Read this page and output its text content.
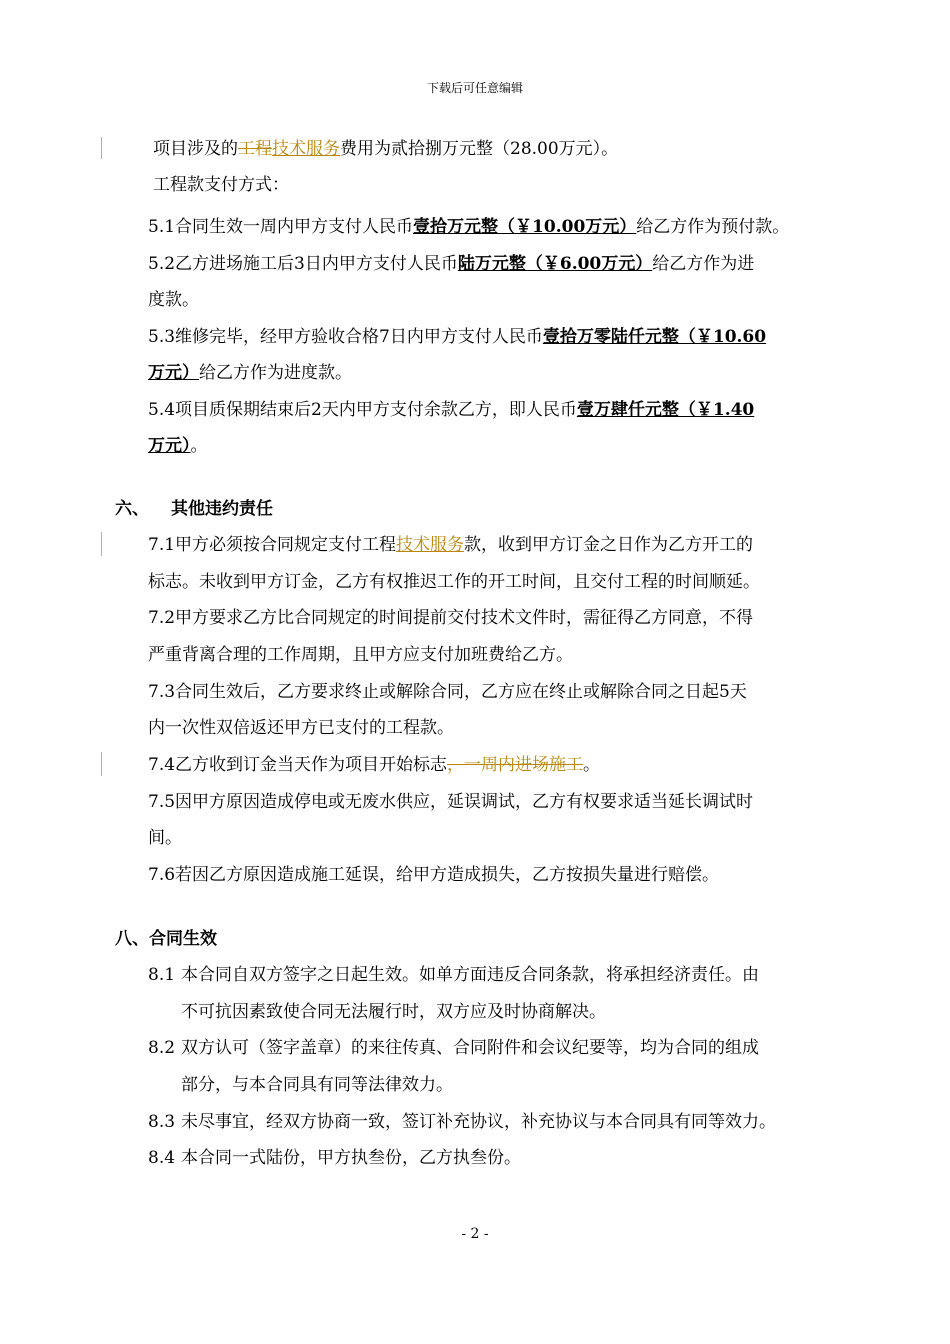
下载后可任意编辑
项目涉及的工程技术服务费用为贰拾捌万元整（28.00万元）。
工程款支付方式：
5.1合同生效一周内甲方支付人民币壹拾万元整（￥10.00万元）给乙方作为预付款。
5.2乙方进场施工后3日内甲方支付人民币陆万元整（￥6.00万元）给乙方作为进
度款。
5.3维修完毕，经甲方验收合格7日内甲方支付人民币壹拾万零陆仟元整（￥10.60
万元）给乙方作为进度款。
5.4项目质保期结束后2天内甲方支付余款乙方，即人民币壹万肆仟元整（￥1.40
万元）。
六、 其他违约责任
7.1甲方必须按合同规定支付工程技术服务款，收到甲方订金之日作为乙方开工的
标志。未收到甲方订金，乙方有权推迟工作的开工时间，且交付工程的时间顺延。
7.2甲方要求乙方比合同规定的时间提前交付技术文件时，需征得乙方同意，不得
严重背离合理的工作周期，且甲方应支付加班费给乙方。
7.3合同生效后，乙方要求终止或解除合同，乙方应在终止或解除合同之日起5天
内一次性双倍返还甲方已支付的工程款。
7.4乙方收到订金当天作为项目开始标志，一周内进场施工。
7.5因甲方原因造成停电或无废水供应，延误调试，乙方有权要求适当延长调试时
间。
7.6若因乙方原因造成施工延误，给甲方造成损失，乙方按损失量进行赔偿。
八、合同生效
8.1 本合同自双方签字之日起生效。如单方面违反合同条款，将承担经济责任。由
不可抗因素致使合同无法履行时，双方应及时协商解决。
8.2 双方认可（签字盖章）的来往传真、合同附件和会议纪要等，均为合同的组成
部分，与本合同具有同等法律效力。
8.3 未尽事宜，经双方协商一致，签订补充协议，补充协议与本合同具有同等效力。
8.4 本合同一式陆份，甲方执叁份，乙方执叁份。
- 2 -
